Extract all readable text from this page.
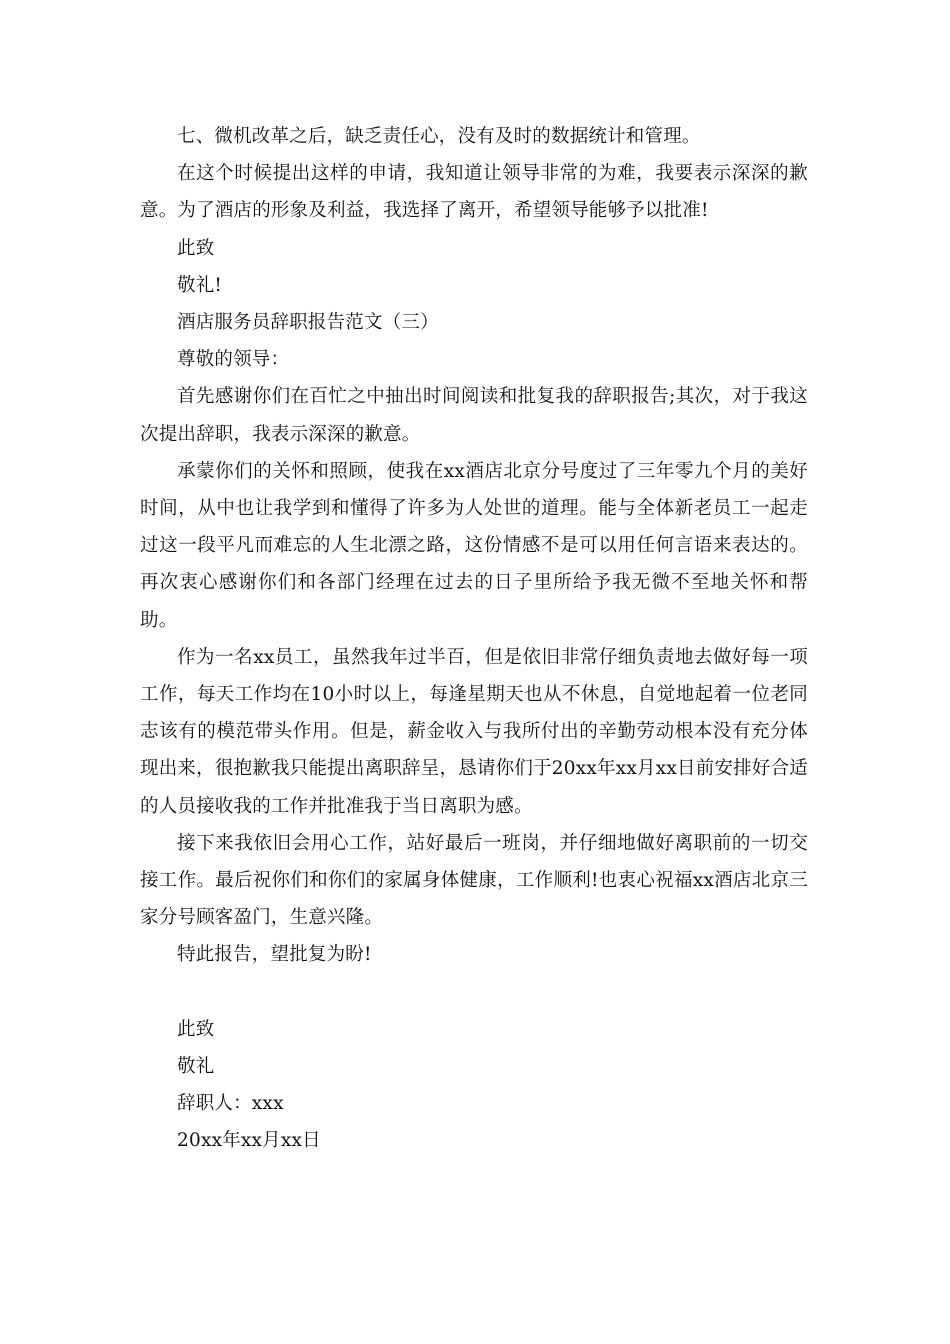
七、微机改革之后，缺乏责任心，没有及时的数据统计和管理。

在这个时候提出这样的申请，我知道让领导非常的为难，我要表示深深的歉意。为了酒店的形象及利益，我选择了离开，希望领导能够予以批准!

此致

敬礼!

酒店服务员辞职报告范文（三）

尊敬的领导：

首先感谢你们在百忙之中抽出时间阅读和批复我的辞职报告;其次，对于我这次提出辞职，我表示深深的歉意。

承蒙你们的关怀和照顾，使我在xx酒店北京分号度过了三年零九个月的美好时间，从中也让我学到和懂得了许多为人处世的道理。能与全体新老员工一起走过这一段平凡而难忘的人生北漂之路，这份情感不是可以用任何言语来表达的。再次衷心感谢你们和各部门经理在过去的日子里所给予我无微不至地关怀和帮助。

作为一名xx员工，虽然我年过半百，但是依旧非常仔细负责地去做好每一项工作，每天工作均在10小时以上，每逢星期天也从不休息，自觉地起着一位老同志该有的模范带头作用。但是，薪金收入与我所付出的辛勤劳动根本没有充分体现出来，很抱歉我只能提出离职辞呈，恳请你们于20xx年xx月xx日前安排好合适的人员接收我的工作并批准我于当日离职为感。

接下来我依旧会用心工作，站好最后一班岗，并仔细地做好离职前的一切交接工作。最后祝你们和你们的家属身体健康，工作顺利!也衷心祝福xx酒店北京三家分号顾客盈门，生意兴隆。

特此报告，望批复为盼!

此致

敬礼

辞职人：xxx

20xx年xx月xx日
